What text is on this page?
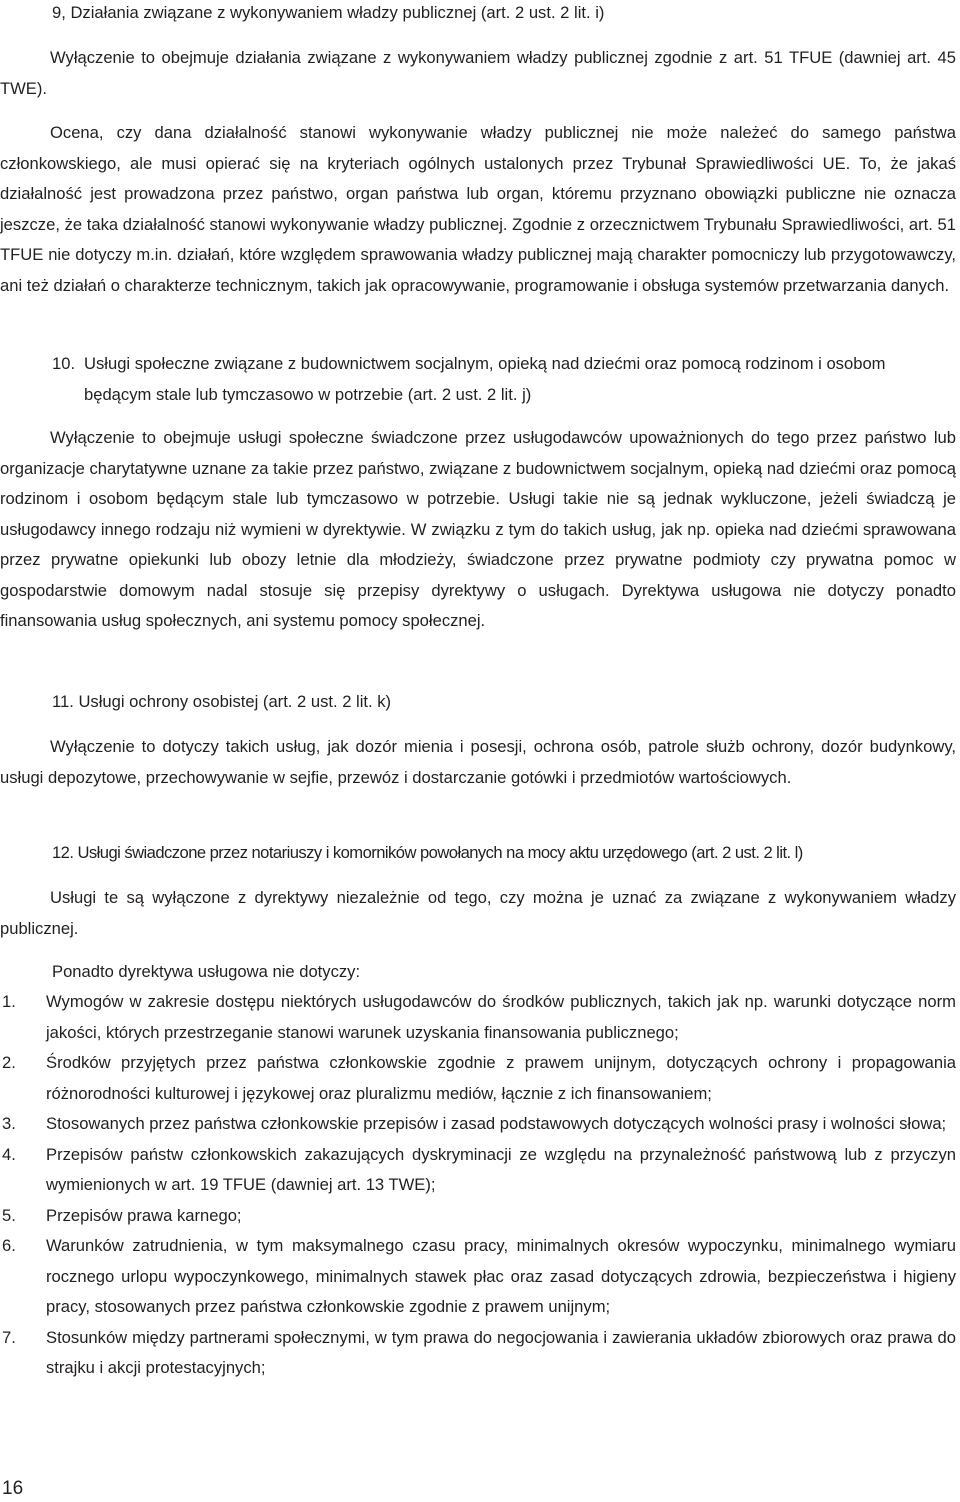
9, Działania związane z wykonywaniem władzy publicznej (art. 2 ust. 2 lit. i)

Wyłączenie to obejmuje działania związane z wykonywaniem władzy publicznej zgodnie z art. 51 TFUE (dawniej art. 45 TWE).

Ocena, czy dana działalność stanowi wykonywanie władzy publicznej nie może należeć do samego państwa członkowskiego, ale musi opierać się na kryteriach ogólnych ustalonych przez Trybunał Sprawiedliwości UE. To, że jakaś działalność jest prowadzona przez państwo, organ państwa lub organ, któremu przyznano obowiązki publiczne nie oznacza jeszcze, że taka działalność stanowi wykonywanie władzy publicznej. Zgodnie z orzecznictwem Trybunału Sprawiedliwości, art. 51 TFUE nie dotyczy m.in. działań, które względem sprawowania władzy publicznej mają charakter pomocniczy lub przygotowawczy, ani też działań o charakterze technicznym, takich jak opracowywanie, programowanie i obsługa systemów przetwarzania danych.

10. Usługi społeczne związane z budownictwem socjalnym, opieką nad dziećmi oraz pomocą rodzinom i osobom będącym stale lub tymczasowo w potrzebie (art. 2 ust. 2 lit. j)

Wyłączenie to obejmuje usługi społeczne świadczone przez usługodawców upoważnionych do tego przez państwo lub organizacje charytatywne uznane za takie przez państwo, związane z budownictwem socjalnym, opieką nad dziećmi oraz pomocą rodzinom i osobom będącym stale lub tymczasowo w potrzebie. Usługi takie nie są jednak wykluczone, jeżeli świadczą je usługodawcy innego rodzaju niż wymieni w dyrektywie. W związku z tym do takich usług, jak np. opieka nad dziećmi sprawowana przez prywatne opiekunki lub obozy letnie dla młodzieży, świadczone przez prywatne podmioty czy prywatna pomoc w gospodarstwie domowym nadal stosuje się przepisy dyrektywy o usługach. Dyrektywa usługowa nie dotyczy ponadto finansowania usług społecznych, ani systemu pomocy społecznej.

11. Usługi ochrony osobistej (art. 2 ust. 2 lit. k)

Wyłączenie to dotyczy takich usług, jak dozór mienia i posesji, ochrona osób, patrole służb ochrony, dozór budynkowy, usługi depozytowe, przechowywanie w sejfie, przewóz i dostarczanie gotówki i przedmiotów wartościowych.

12. Usługi świadczone przez notariuszy i komorników powołanych na mocy aktu urzędowego (art. 2 ust. 2 lit. l)

Usługi te są wyłączone z dyrektywy niezależnie od tego, czy można je uznać za związane z wykonywaniem władzy publicznej.

Ponadto dyrektywa usługowa nie dotyczy:

1.	Wymogów w zakresie dostępu niektórych usługodawców do środków publicznych, takich jak np. warunki dotyczące norm jakości, których przestrzeganie stanowi warunek uzyskania finansowania publicznego;
2.	Środków przyjętych przez państwa członkowskie zgodnie z prawem unijnym, dotyczących ochrony i propagowania różnorodności kulturowej i językowej oraz pluralizmu mediów, łącznie z ich finansowaniem;
3.	Stosowanych przez państwa członkowskie przepisów i zasad podstawowych dotyczących wolności prasy i wolności słowa;
4.	Przepisów państw członkowskich zakazujących dyskryminacji ze względu na przynależność państwową lub z przyczyn wymienionych w art. 19 TFUE (dawniej art. 13 TWE);
5.	Przepisów prawa karnego;
6.	Warunków zatrudnienia, w tym maksymalnego czasu pracy, minimalnych okresów wypoczynku, minimalnego wymiaru rocznego urlopu wypoczynkowego, minimalnych stawek płac oraz zasad dotyczących zdrowia, bezpieczeństwa i higieny pracy, stosowanych przez państwa członkowskie zgodnie z prawem unijnym;
7.	Stosunków między partnerami społecznymi, w tym prawa do negocjowania i zawierania układów zbiorowych oraz prawa do strajku i akcji protestacyjnych;
16
